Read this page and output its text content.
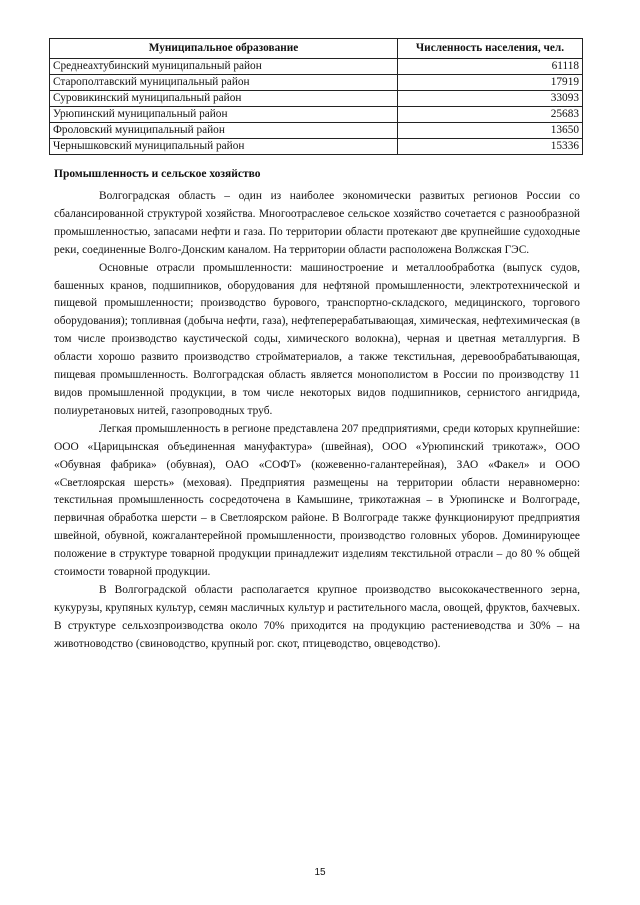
Муниципальное образование	Численность населения, чел.
Среднеахтубинский муниципальный район	61118
Старополтавский муниципальный район	17919
Суровикинский муниципальный район	33093
Урюпинский муниципальный район	25683
Фроловский муниципальный район	13650
Чернышковский муниципальный район	15336
Промышленность и сельское хозяйство

Волгоградская область – один из наиболее экономически развитых регионов России со сбалансированной структурой хозяйства. Многоотраслевое сельское хозяйство сочетается с разнообразной промышленностью, запасами нефти и газа. По территории области протекают две крупнейшие судоходные реки, соединенные Волго-Донским каналом. На территории области расположена Волжская ГЭС.

Основные отрасли промышленности: машиностроение и металлообработка (выпуск судов, башенных кранов, подшипников, оборудования для нефтяной промышленности, электротехнической и пищевой промышленности; производство бурового, транспортно-складского, медицинского, торгового оборудования); топливная (добыча нефти, газа), нефтеперерабатывающая, химическая, нефтехимическая (в том числе производство каустической соды, химического волокна), черная и цветная металлургия. В области хорошо развито производство стройматериалов, а также текстильная, деревообрабатывающая, пищевая промышленность. Волгоградская область является монополистом в России по производству 11 видов промышленной продукции, в том числе некоторых видов подшипников, сернистого ангидрида, полиуретановых нитей, газопроводных труб.

Легкая промышленность в регионе представлена 207 предприятиями, среди которых крупнейшие: ООО «Царицынская объединенная мануфактура» (швейная), ООО «Урюпинский трикотаж», ООО «Обувная фабрика» (обувная), ОАО «СОФТ» (кожевенно-галантерейная), ЗАО «Факел» и ООО «Светлоярская шерсть» (меховая). Предприятия размещены на территории области неравномерно: текстильная промышленность сосредоточена в Камышине, трикотажная – в Урюпинске и Волгограде, первичная обработка шерсти – в Светлоярском районе. В Волгограде также функционируют предприятия швейной, обувной, кожгалантерейной промышленности, производство головных уборов. Доминирующее положение в структуре товарной продукции принадлежит изделиям текстильной отрасли – до 80 % общей стоимости товарной продукции.

В Волгоградской области располагается крупное производство высококачественного зерна, кукурузы, крупяных культур, семян масличных культур и растительного масла, овощей, фруктов, бахчевых. В структуре сельхозпроизводства около 70% приходится на продукцию растениеводства и 30% – на животноводство (свиноводство, крупный рог. скот, птицеводство, овцеводство).

15
